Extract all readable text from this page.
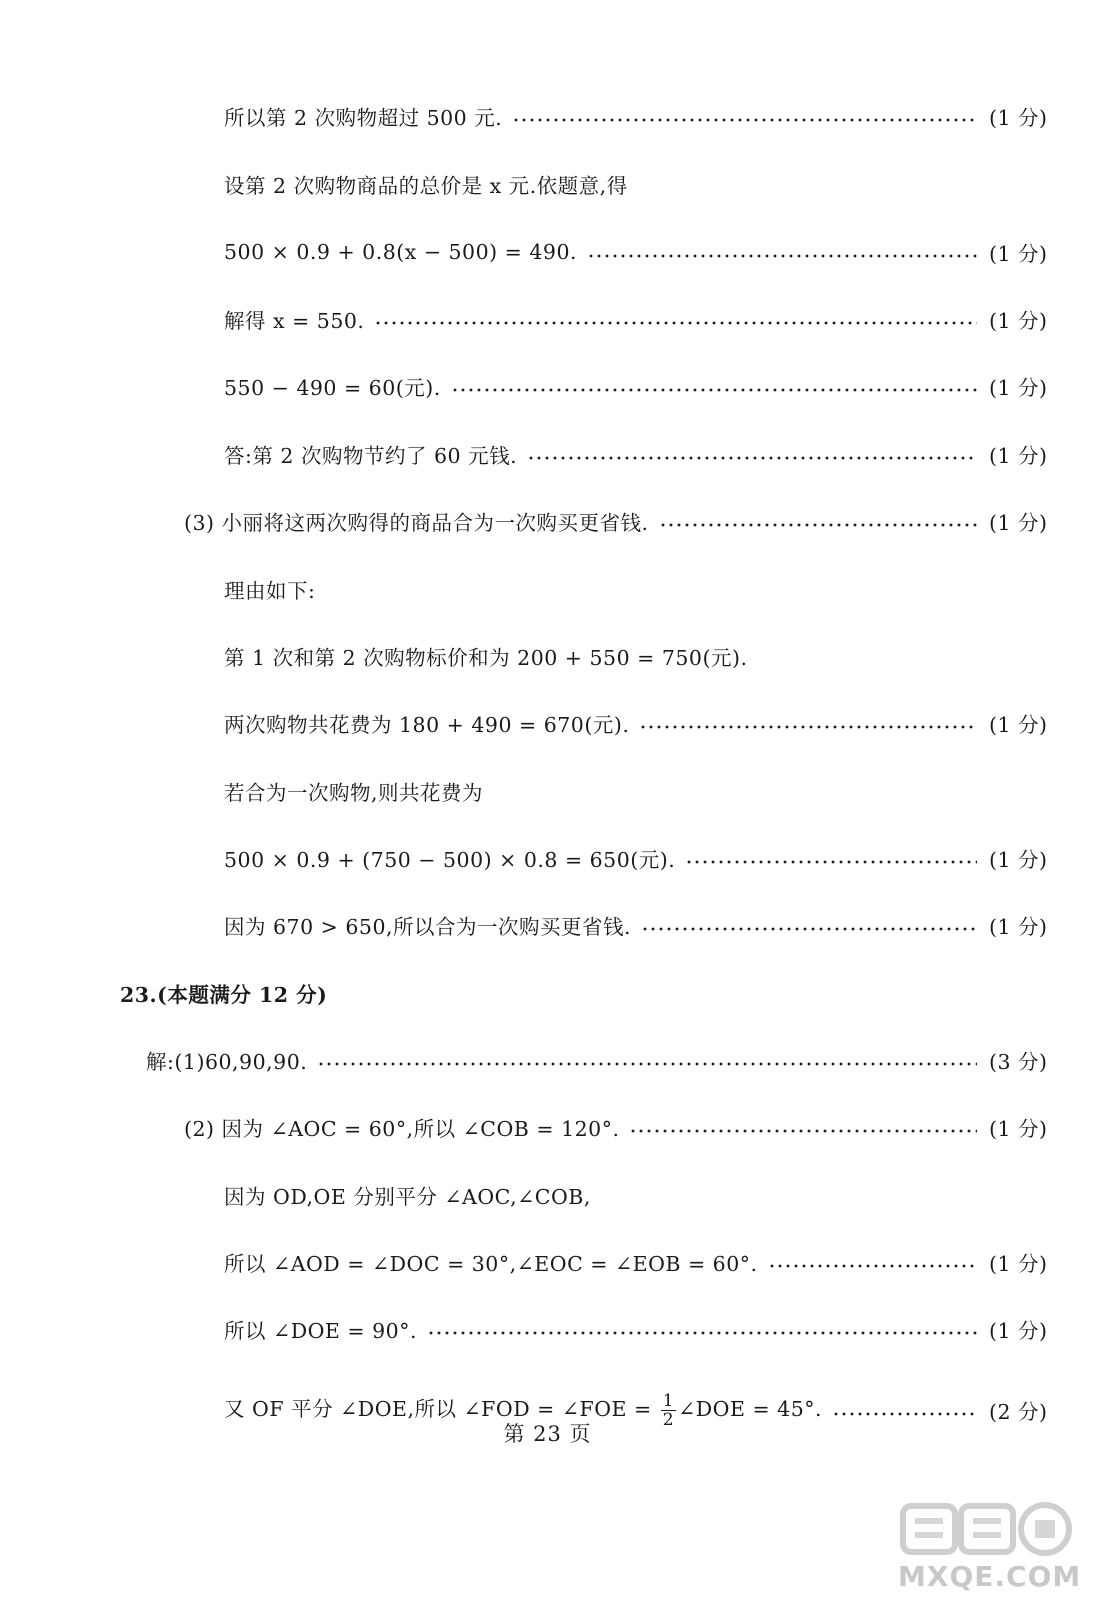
所以第 2 次购物超过 500 元.	(1 分)
设第 2 次购物商品的总价是 x 元.依题意,得
500 × 0.9 + 0.8(x − 500) = 490.	(1 分)
解得 x = 550.	(1 分)
550 − 490 = 60(元).	(1 分)
答:第 2 次购物节约了 60 元钱.	(1 分)
(3) 小丽将这两次购得的商品合为一次购买更省钱.	(1 分)
理由如下:
第 1 次和第 2 次购物标价和为 200 + 550 = 750(元).
两次购物共花费为 180 + 490 = 670(元).	(1 分)
若合为一次购物,则共花费为
500 × 0.9 + (750 − 500) × 0.8 = 650(元).	(1 分)
因为 670 > 650,所以合为一次购买更省钱.	(1 分)
23.(本题满分 12 分)
解:(1)60,90,90.	(3 分)
(2) 因为 ∠AOC = 60°,所以 ∠COB = 120°.	(1 分)
因为 OD,OE 分别平分 ∠AOC,∠COB,
所以 ∠AOD = ∠DOC = 30°,∠EOC = ∠EOB = 60°.	(1 分)
所以 ∠DOE = 90°.	(1 分)
又 OF 平分 ∠DOE,所以 ∠FOD = ∠FOE = $\frac{1}{2}$ ∠DOE = 45°.	(2 分)
第 23 页
MXQE.COM
